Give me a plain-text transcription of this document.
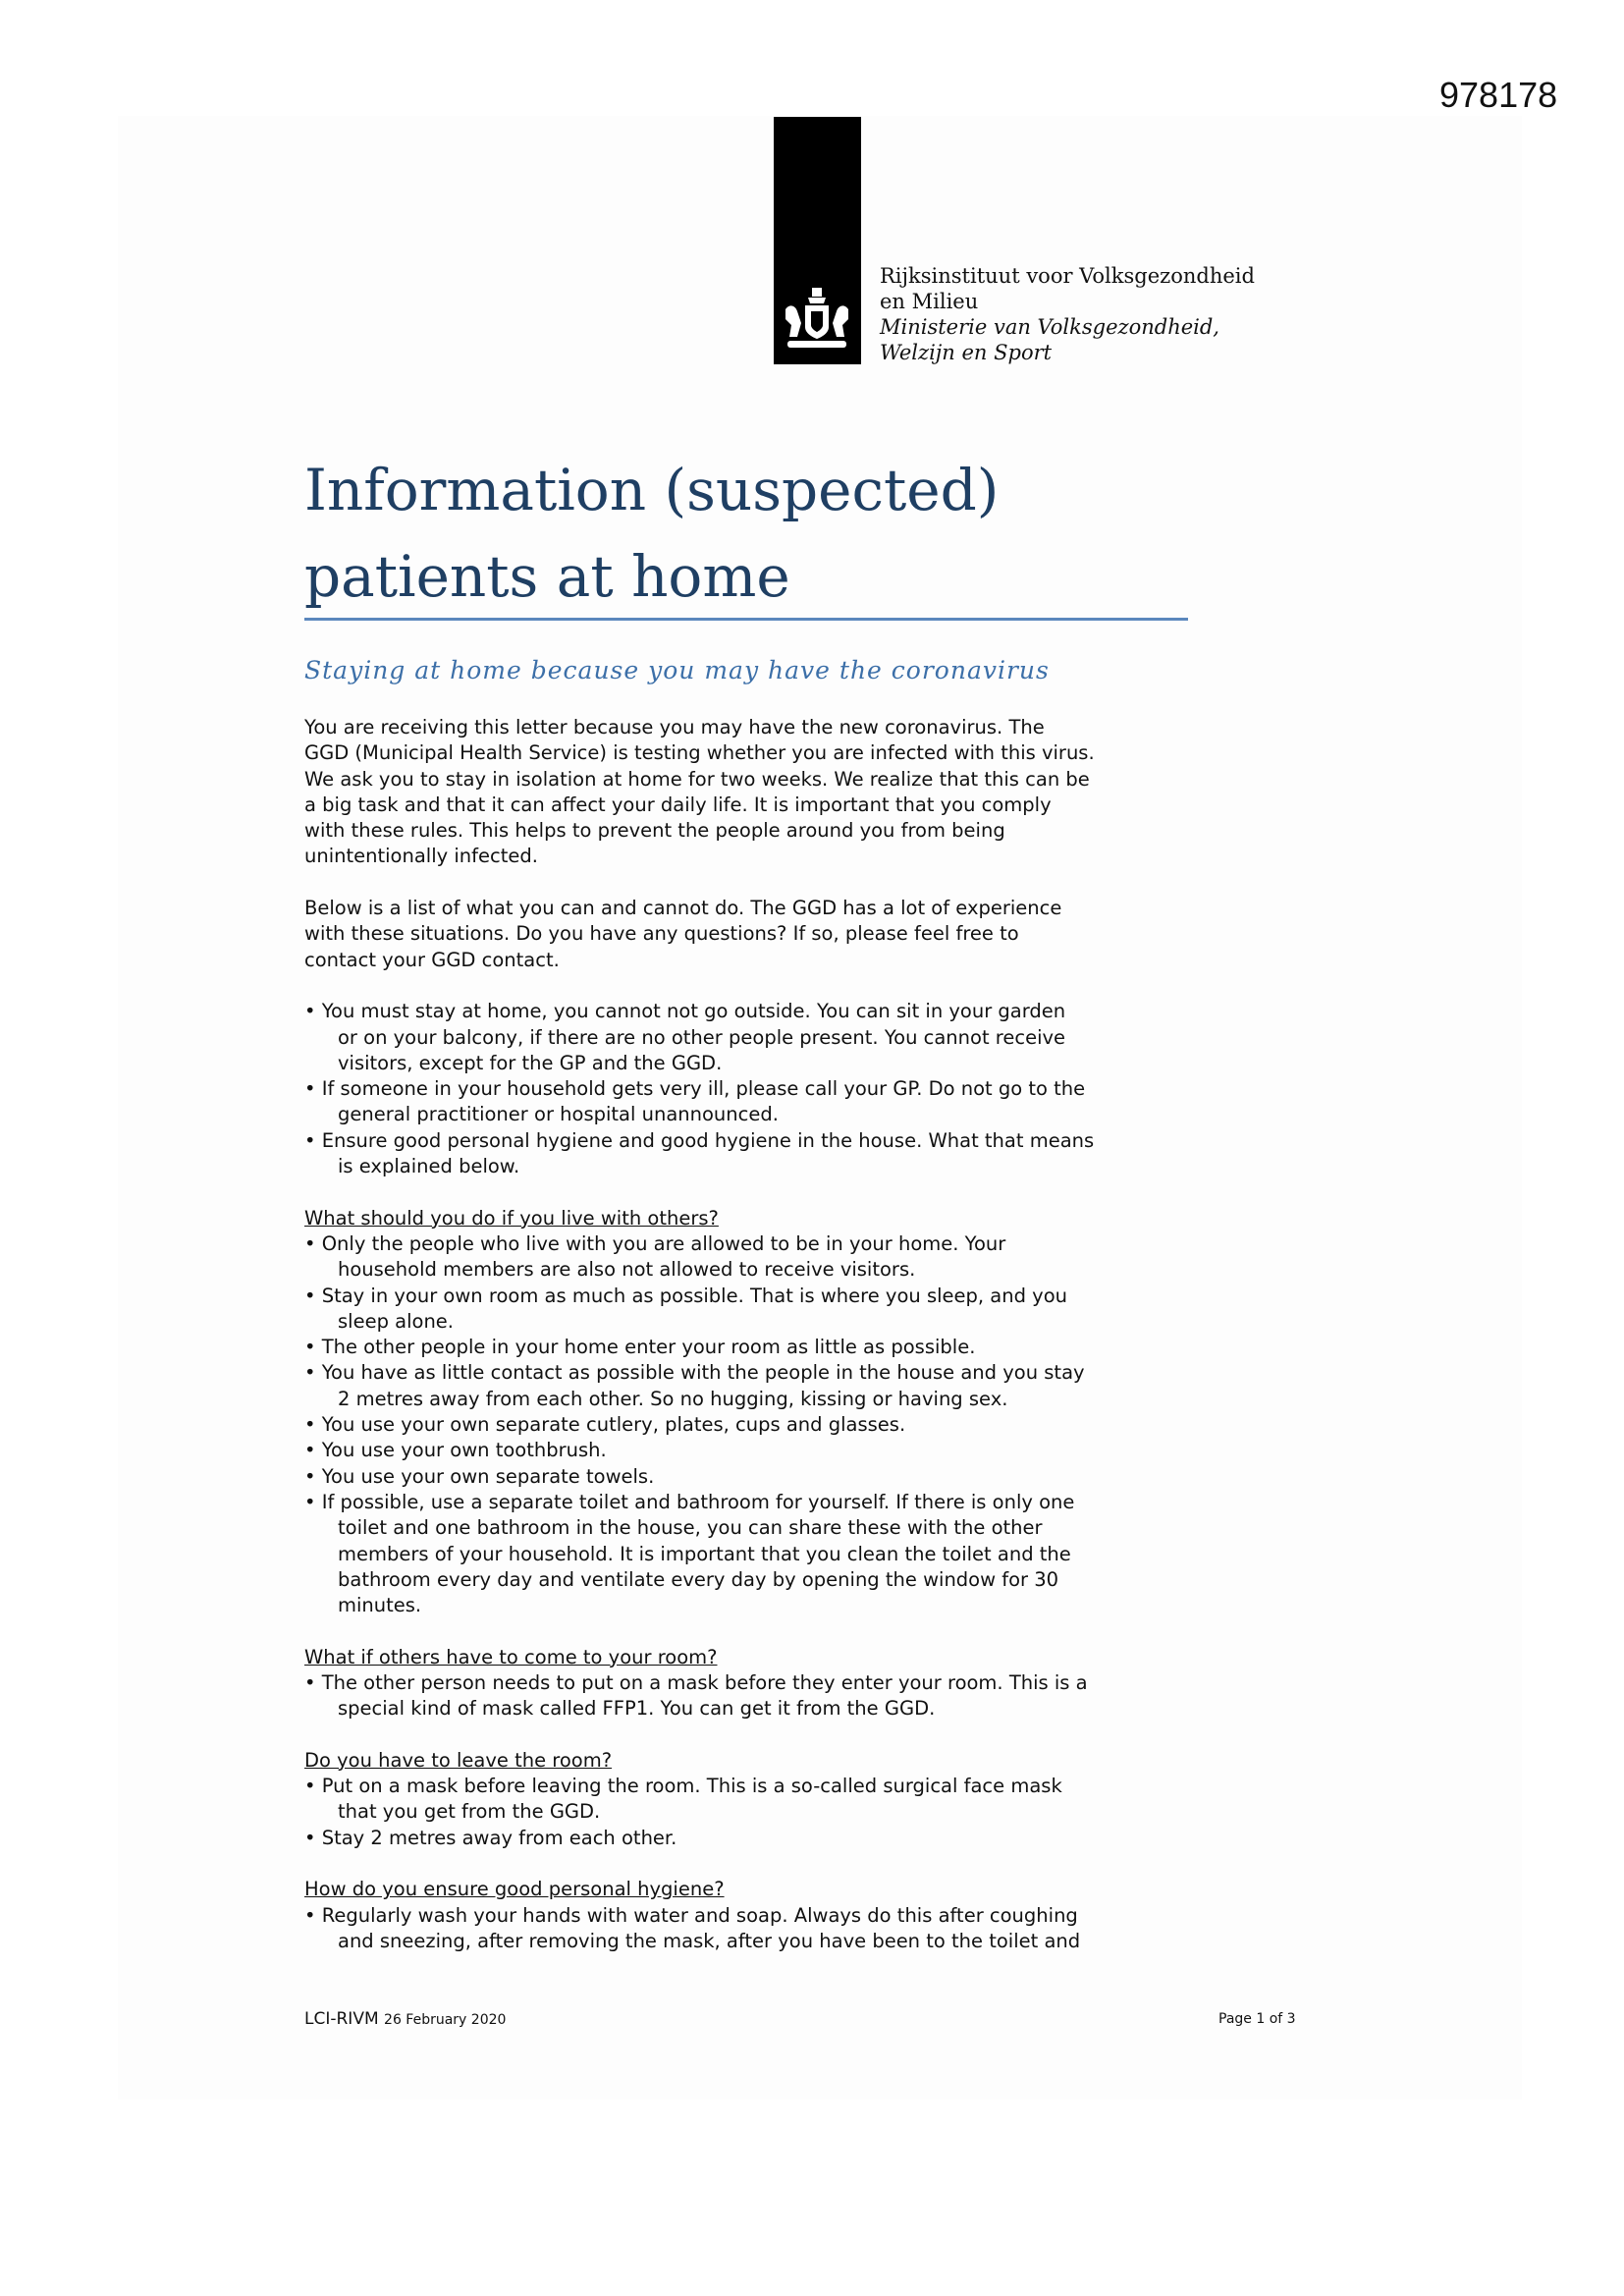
978178
Rijksinstituut voor Volksgezondheid
en Milieu
Ministerie van Volksgezondheid,
Welzijn en Sport
Information (suspected)
patients at home
Staying at home because you may have the coronavirus
You are receiving this letter because you may have the new coronavirus. The
GGD (Municipal Health Service) is testing whether you are infected with this virus.
We ask you to stay in isolation at home for two weeks. We realize that this can be
a big task and that it can affect your daily life. It is important that you comply
with these rules. This helps to prevent the people around you from being
unintentionally infected.
Below is a list of what you can and cannot do. The GGD has a lot of experience
with these situations. Do you have any questions? If so, please feel free to
contact your GGD contact.
• You must stay at home, you cannot not go outside. You can sit in your garden
or on your balcony, if there are no other people present. You cannot receive
visitors, except for the GP and the GGD.
• If someone in your household gets very ill, please call your GP. Do not go to the
general practitioner or hospital unannounced.
• Ensure good personal hygiene and good hygiene in the house. What that means
is explained below.
What should you do if you live with others?
• Only the people who live with you are allowed to be in your home. Your
household members are also not allowed to receive visitors.
• Stay in your own room as much as possible. That is where you sleep, and you
sleep alone.
• The other people in your home enter your room as little as possible.
• You have as little contact as possible with the people in the house and you stay
2 metres away from each other. So no hugging, kissing or having sex.
• You use your own separate cutlery, plates, cups and glasses.
• You use your own toothbrush.
• You use your own separate towels.
• If possible, use a separate toilet and bathroom for yourself. If there is only one
toilet and one bathroom in the house, you can share these with the other
members of your household. It is important that you clean the toilet and the
bathroom every day and ventilate every day by opening the window for 30
minutes.
What if others have to come to your room?
• The other person needs to put on a mask before they enter your room. This is a
special kind of mask called FFP1. You can get it from the GGD.
Do you have to leave the room?
• Put on a mask before leaving the room. This is a so-called surgical face mask
that you get from the GGD.
• Stay 2 metres away from each other.
How do you ensure good personal hygiene?
• Regularly wash your hands with water and soap. Always do this after coughing
and sneezing, after removing the mask, after you have been to the toilet and
LCI-RIVM 26 February 2020	Page 1 of 3
